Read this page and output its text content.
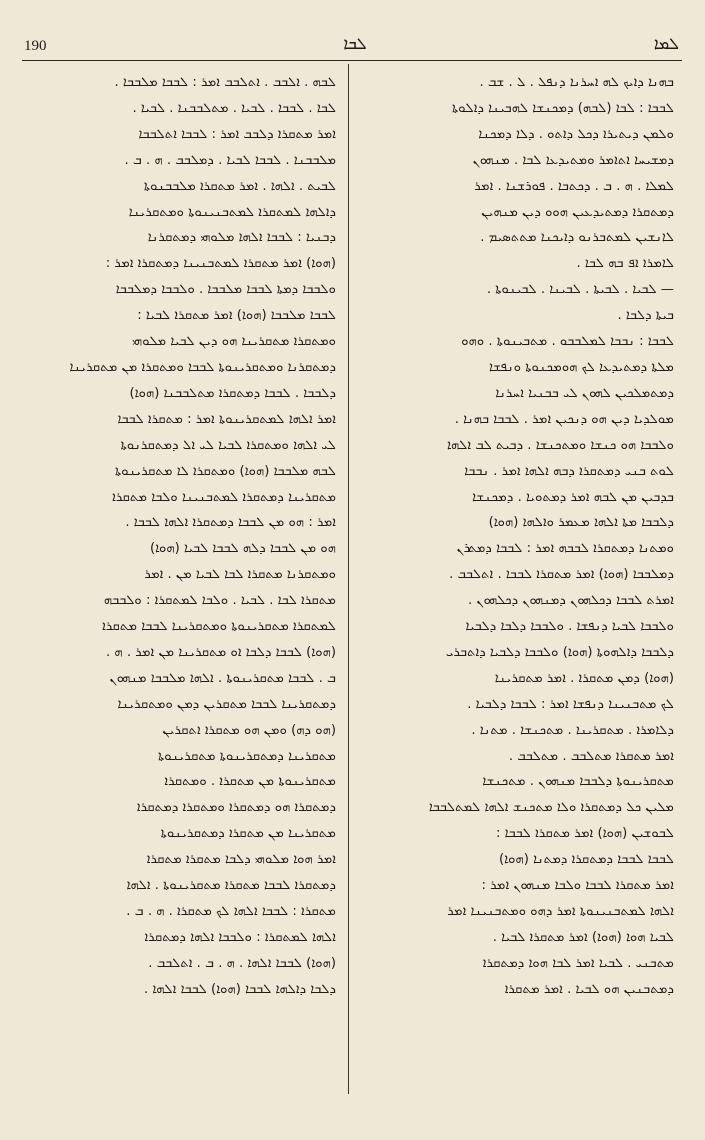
190	ܠܒܐ	ܠܡܐ
ܒܗܢܐ ܕܐܝܟ ܠܗ ܐܚܪܢܐ ܕܢܦܠ . ܠ . ܫܒ .
ܠܒܒܐ : ܠܒܐ (ܠܒܗ) ܕܡܟܢܫܐ ܠܗܒܝܢܐ ܕܐܠܘܬܐ
ܘܠܡܢ ܕܝܬܝܪܐ ܕܟܠ ܕܐܬܘ . ܕܠܐ ܕܡܟܢܐ
ܕܡܫܝܚܐ ܐܬܐܡܪ ܘܡܬܝܕܥܐ ܠܒܐ . ܡܢܗܘܢ
ܠܡܠܐ . ܗ . ܒ . ܕܟܬܒܐ . ܦܘܪܫܢܐ . ܐܡܪ
ܕܡܬܩܪܐ ܕܡܬܝܕܥܝܢ ܗܘܘ ܕܝܢ ܡܢܗܝܢ
ܠܐܢܫܝܢ ܠܡܬܒܪܢܘ ܕܐܝܟܢܐ ܡܬܬܣܝܡ .
ܠܐܡܪܐ ܐܦ ܒܗ ܠܒܐ .
— ܠܒܝܐ . ܠܒܝܬܐ . ܠܒܝܢܐ . ܠܒܝܢܘܬܐ .
ܒܝܬܐ ܕܠܒܐ .
ܠܒܒܐ : ܢܒܒܐ ܠܡܠܒܒܘ . ܡܬܒܝܢܘܬܐ . ܘܗܘ
ܡܠܬܐ ܕܡܬܝܕܥܐ ܠܟ ܗܘܡܟܢܘܬܐ ܘܢܦܫܐ
ܕܡܬܡܠܟܝܢ ܠܗܘܢ ܠܝ ܒܒܢܝܐ ܐܚܪܢܐ
ܡܘܠܕܝܐ ܕܝܢ ܗܘ ܕܢܟܝܢ ܐܡܪ . ܠܒܒܐ ܒܗܢܐ .
ܘܠܒܒܐ ܗܘ ܟܢܫܐ ܘܡܬܟܢܫܐ . ܕܒܝܬ ܠܒ ܐܠܗܐ
ܠܘܬ ܒܢܝ ܕܡܬܩܪܐ ܕܒܗ ܐܠܗܐ ܐܡܪ . ܢܒܒܐ
ܒܕܒܝܢ ܡܢ ܠܒܗ ܐܡܪ ܕܡܬܘܝܐ . ܕܡܟܢܫܐ
ܕܠܒܒܐ ܡܬܐ ܐܠܗܐ ܡܥܡܪ ܘܐܠܗܐ (ܗܘܐ)
ܘܡܬܢܐ ܕܡܬܩܪܐ ܠܒܒܗ ܐܡܪ : ܠܒܒܐ ܕܡܬܪܢ
ܕܡܠܒܒܐ (ܗܘܐ) ܐܡܪ ܡܬܩܪܐ ܠܒܒܐ . ܐܬܠܒܒ .
ܐܡܪܬ ܠܒܒܐ ܕܟܠܗܘܢ ܕܡܢܗܘܢ ܕܟܠܗܘܢ .
ܘܠܒܒܐ ܠܒܝܐ ܕܢܦܫܐ . ܘܠܒܒܐ ܕܠܒܐ ܕܠܒܝܐ
ܕܠܒܒܐ ܕܐܠܗܘܬܐ (ܗܘܐ) ܘܠܒܒܐ ܕܠܒܝܐ ܕܐܬܒܪܝ
(ܗܘܐ) ܕܡܢ ܡܬܩܪܐ . ܐܡܪ ܡܬܩܪܝܢܐ
ܠܟ ܡܬܒܢܝܢܐ ܕܢܦܫܐ ܐܡܪ : ܠܒܒܐ ܕܠܒܝܐ .
ܕܠܐܡܪܐ . ܡܬܩܪܝܢܐ . ܡܬܟܢܫܐ . ܡܬܢܐ .
ܐܡܪ ܡܬܩܪܐ ܡܬܠܒܒ . ܡܬܠܒܒ .
ܡܬܩܪܝܢܘܬܐ ܕܠܒܒܐ ܡܢܗܘܢ . ܡܬܟܢܫܐ
ܡܠܝܢ ܟܠ ܕܡܬܩܪܐ ܘܠܐ ܡܬܟܢܫ ܐܠܗܐ ܠܡܬܠܒܒܐ
ܠܒܘܫܝܢ (ܗܘܐ) ܐܡܪ ܡܬܩܪܐ ܠܒܒܐ :
ܠܒܒܐ ܠܒܒܐ ܕܡܬܩܪܐ ܕܡܬܢܐ (ܗܘܐ)
ܐܡܪ ܡܬܩܪܐ ܠܒܒܐ ܘܠܒܐ ܡܢܗܘܢ ܐܡܪ :
ܐܠܗܐ ܠܡܬܒܢܝܢܘܬܐ ܐܡܪ ܕܗܘ ܘܡܬܒܢܝܢܐ ܐܡܪ
ܠܒܝܐ ܗܘܐ (ܗܘܐ) ܐܡܪ ܡܬܩܪܐ ܠܒܝܐ .
ܡܬܒܢܝ . ܠܒܝܐ ܐܡܪ ܠܒܐ ܗܘܐ ܕܡܬܩܪܐ
ܕܡܬܒܢܝܢ ܗܘ ܠܒܝܐ . ܐܡܪ ܡܬܩܪܐ
ܠܒܗ . ܐܠܒܒ . ܐܬܠܒܒ ܐܡܪ : ܠܒܒܐ ܡܠܒܒܐ .
ܠܒܐ . ܠܒܒܐ . ܠܒܝܐ . ܡܬܠܒܒܢܐ . ܠܒܝܐ .
ܐܡܪ ܡܬܩܪܐ ܕܠܒܒ ܐܡܪ : ܠܒܒܐ ܐܬܠܒܒܐ
ܡܠܒܒܢܐ . ܠܒܒܐ ܠܒܝܐ . ܕܡܠܒܒ . ܗ . ܒ .
ܠܒܝܬ . ܐܠܗܐ . ܐܡܪ ܡܬܩܪܐ ܡܠܒܒܢܘܬܐ
ܕܐܠܗܐ ܠܡܬܩܪܐ ܠܡܬܒܢܝܢܘܬܐ ܘܡܬܩܪܝܢܐ
ܕܒܢܝܐ : ܠܒܒܐ ܐܠܗܐ ܡܠܘܗܝ ܕܡܬܩܪܢܐ
(ܗܘܐ) ܐܡܪ ܡܬܩܪܐ ܠܡܬܒܢܝܢܐ ܕܡܬܩܪܐ ܐܡܪ :
ܘܠܒܒܐ ܕܡܬܐ ܠܒܒܐ ܡܠܒܒܐ . ܘܠܒܒܐ ܕܡܠܒܒܐ
ܠܒܒܐ ܡܠܒܒܐ (ܗܘܐ) ܐܡܪ ܡܬܩܪܐ ܠܒܝܐ :
ܘܡܬܩܪܐ ܡܬܩܪܝܢܐ ܗܘ ܕܝܢ ܠܒܝܐ ܡܠܘܗܝ
ܕܡܬܩܪܢܐ ܘܡܬܩܪܝܢܘܬܐ ܠܒܒܐ ܘܡܬܩܪܐ ܡܢ ܡܬܩܪܝܢܐ
ܕܠܒܒܐ . ܠܒܒܐ ܕܡܬܩܪܐ ܡܬܠܒܒܢܐ (ܗܘܐ)
ܐܡܪ ܐܠܗܐ ܠܡܬܩܪܝܢܘܬܐ ܐܡܪ : ܡܬܩܪܐ ܠܒܒܐ
ܠܝ ܐܠܗܐ ܘܡܬܩܪܐ ܠܒܝܐ ܠܝ ܐܠ ܕܡܬܩܪܢܘܬܐ
ܠܒܗ ܡܠܒܒܐ (ܗܘܐ) ܘܡܬܩܪܐ ܠܐ ܡܬܩܪܝܢܘܬܐ
ܡܬܩܪܝܢܐ ܕܡܬܩܪܐ ܠܡܬܒܢܝܢܐ ܘܠܒܐ ܡܬܩܪܐ
ܐܡܪ : ܗܘ ܡܢ ܠܒܒܐ ܕܡܬܩܪܐ ܐܠܗܐ ܠܒܒܐ .
ܗܘ ܡܢ ܠܒܒܐ ܕܠܗ ܠܒܒܐ ܠܒܝܐ (ܗܘܐ)
ܘܡܬܩܪܢܐ ܡܬܩܪܐ ܠܒܐ ܠܒܝܐ ܡܢ . ܐܡܪ
ܡܬܩܪܐ ܠܒܐ . ܠܒܝܐ . ܘܠܒܐ ܠܡܬܩܪܐ : ܘܠܒܒܗ
ܠܡܬܩܪܐ ܡܬܩܪܝܢܘܬܐ ܘܡܬܩܪܝܢܐ ܠܒܒܐ ܡܬܩܪܐ
(ܗܘܐ) ܠܒܒܐ ܕܠܒܐ ܐܘ ܡܬܩܪܝܢܐ ܡܢ ܐܡܪ . ܗ .
ܒ . ܠܒܒܐ ܡܬܩܪܝܢܘܬܐ . ܐܠܗܐ ܡܠܒܒܐ ܡܢܗܘܢ
ܕܡܬܩܪܝܢܐ ܠܒܒܐ ܡܬܩܪܝܢ ܕܡܢ ܘܡܬܩܪܝܢܐ
(ܗܘ ܕܗ) ܘܡܢ ܗܘ ܡܬܩܪܐ ܐܬܩܪܝܢ
ܡܬܩܪܝܢܐ ܕܡܬܩܪܝܢܘܬܐ ܡܬܩܪܝܢܘܬܐ
ܡܬܩܪܝܢܘܬܐ ܡܢ ܡܬܩܪܐ . ܘܡܬܩܪܐ
ܕܡܬܩܪܐ ܗܘ ܕܡܬܩܪܐ ܘܡܬܩܪܐ ܕܡܬܩܪܐ
ܡܬܩܪܝܢܐ ܡܢ ܡܬܩܪܐ ܕܡܬܩܪܝܢܘܬܐ
ܐܡܪ ܗܘܐ ܡܠܘܗܝ ܕܠܒܐ ܡܬܩܪܐ ܡܬܩܪܐ
ܕܡܬܩܪܐ ܠܒܒܐ ܡܬܩܪܐ ܡܬܩܪܝܢܘܬܐ . ܐܠܗܐ
ܡܬܩܪܐ : ܠܒܒܐ ܐܠܗܐ ܠܟ ܡܬܩܪܐ . ܗ . ܒ .
ܐܠܗܐ ܠܡܬܩܪܐ : ܘܠܒܒܐ ܐܠܗܐ ܕܡܬܩܪܐ
(ܗܘܐ) ܠܒܒܐ ܐܠܗܐ . ܗ . ܒ . ܐܬܠܒܒ .
ܕܠܒܐ ܕܐܠܗܐ ܠܒܒܐ (ܗܘܐ) ܠܒܒܐ ܐܠܗܐ .
